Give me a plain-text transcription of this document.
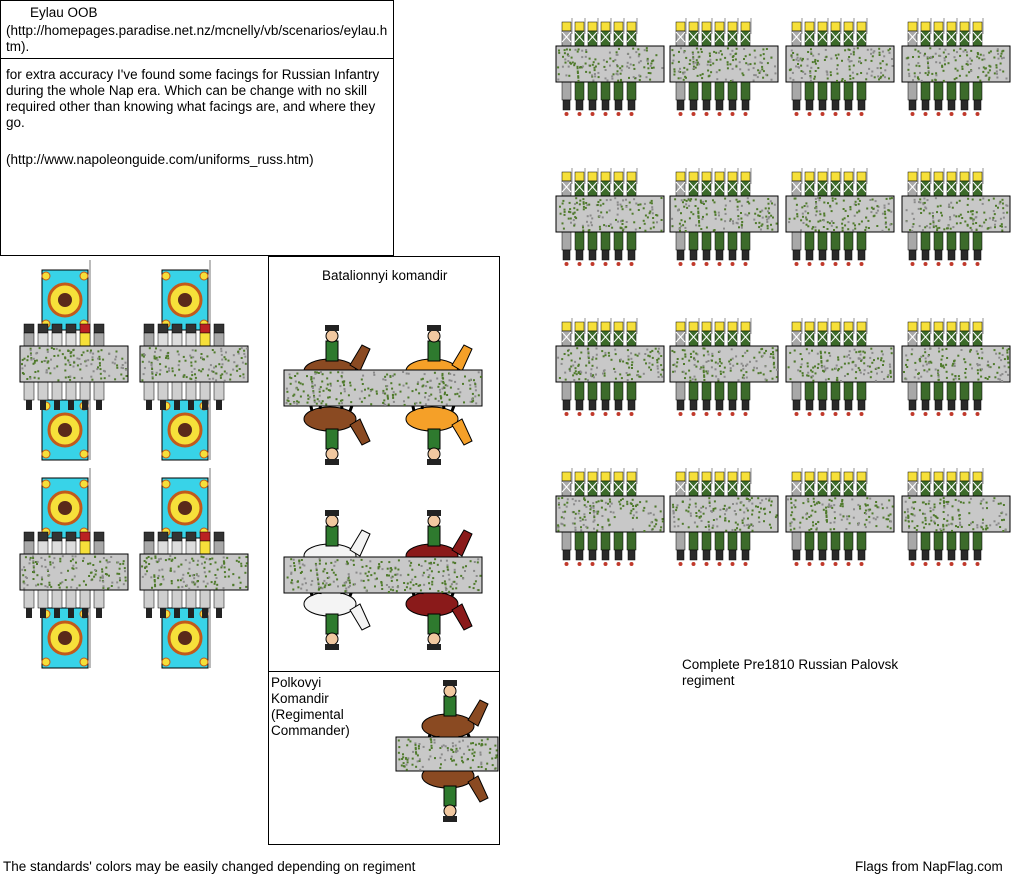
Eylau OOB
(http://homepages.paradise.net.nz/mcnelly/vb/scenarios/eylau.htm).
for extra accuracy I've found some facings for Russian Infantry during the whole Nap era. Which can be change with no skill required other than knowing what facings are, and where they go.
(http://www.napoleonguide.com/uniforms_russ.htm)
Batalionnyi komandir
Polkovyi Komandir (Regimental Commander)
Complete Pre1810 Russian Palovsk regiment
The standards' colors may be easily changed depending on regiment	Flags from NapFlag.com
